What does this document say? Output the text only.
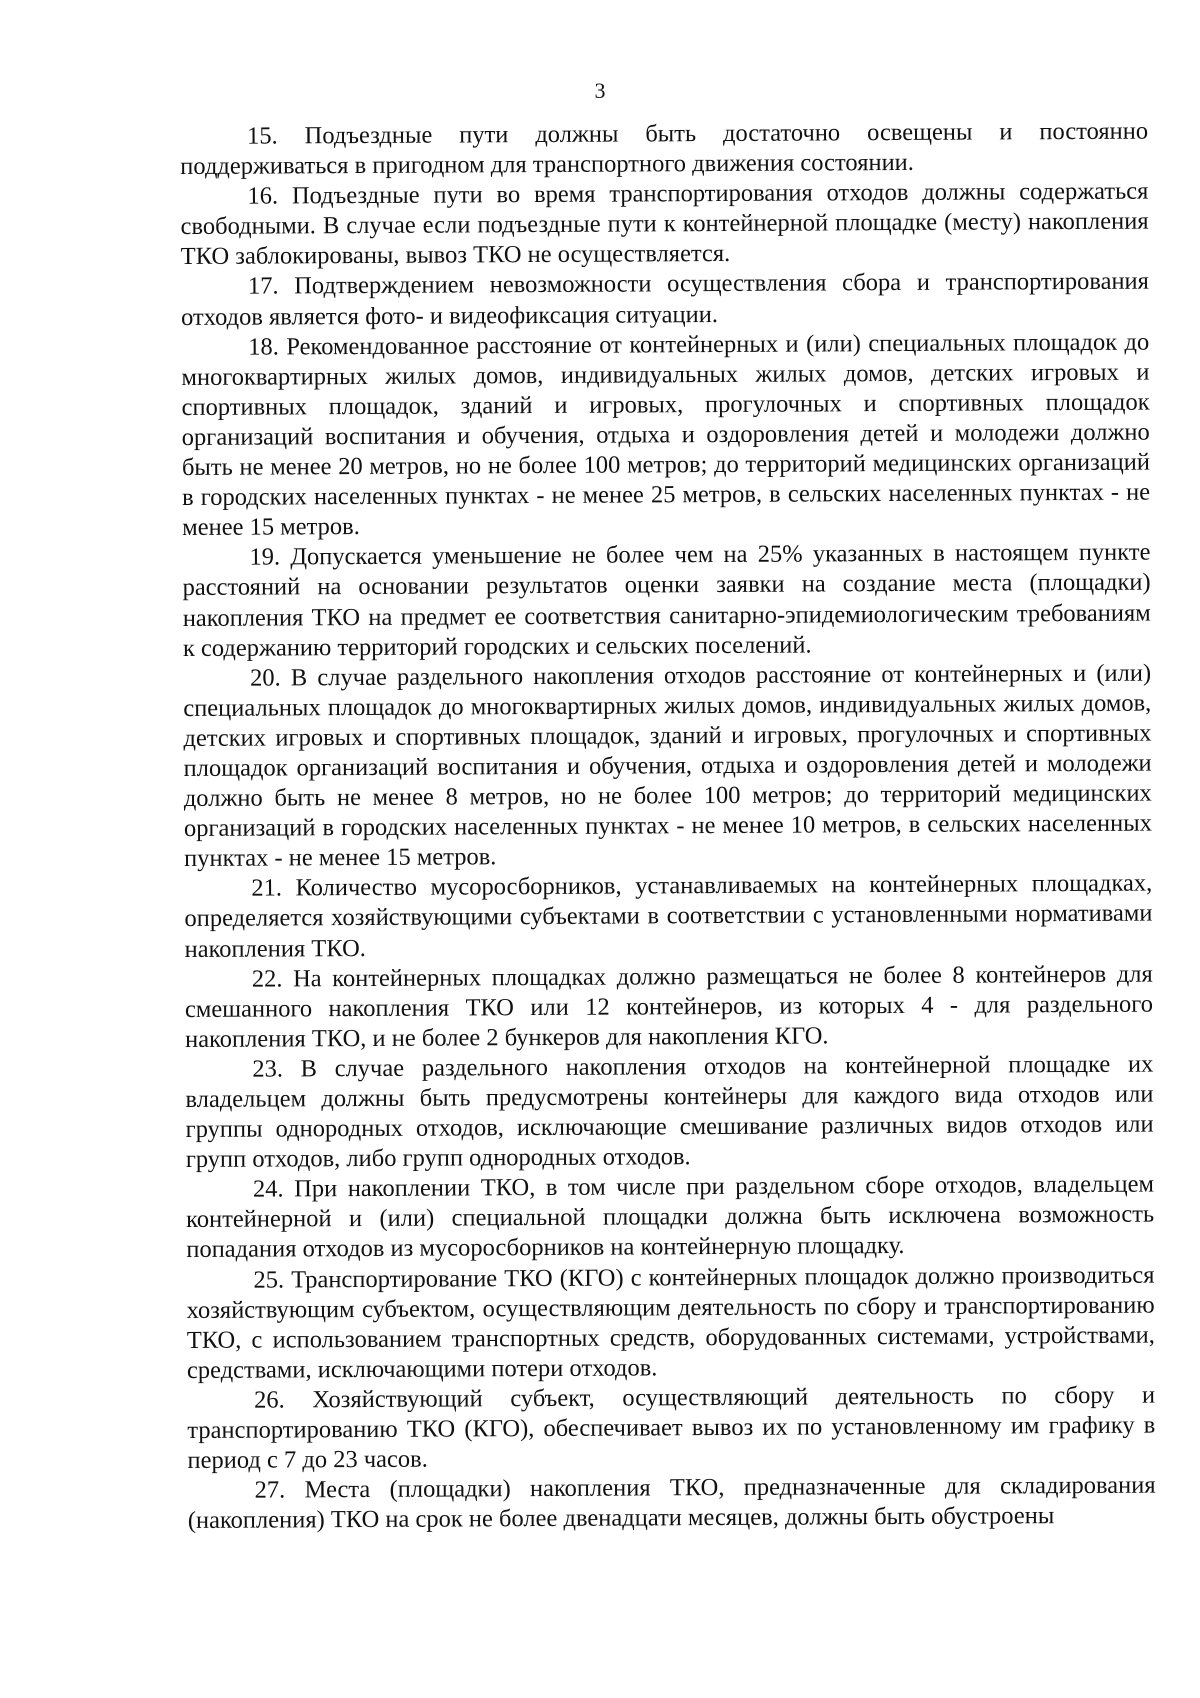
3

15. Подъездные пути должны быть достаточно освещены и постоянно поддерживаться в пригодном для транспортного движения состоянии.

16. Подъездные пути во время транспортирования отходов должны содержаться свободными. В случае если подъездные пути к контейнерной площадке (месту) накопления ТКО заблокированы, вывоз ТКО не осуществляется.

17. Подтверждением невозможности осуществления сбора и транспортирования отходов является фото- и видеофиксация ситуации.

18. Рекомендованное расстояние от контейнерных и (или) специальных площадок до многоквартирных жилых домов, индивидуальных жилых домов, детских игровых и спортивных площадок, зданий и игровых, прогулочных и спортивных площадок организаций воспитания и обучения, отдыха и оздоровления детей и молодежи должно быть не менее 20 метров, но не более 100 метров; до территорий медицинских организаций в городских населенных пунктах - не менее 25 метров, в сельских населенных пунктах - не менее 15 метров.

19. Допускается уменьшение не более чем на 25% указанных в настоящем пункте расстояний на основании результатов оценки заявки на создание места (площадки) накопления ТКО на предмет ее соответствия санитарно-эпидемиологическим требованиям к содержанию территорий городских и сельских поселений.

20. В случае раздельного накопления отходов расстояние от контейнерных и (или) специальных площадок до многоквартирных жилых домов, индивидуальных жилых домов, детских игровых и спортивных площадок, зданий и игровых, прогулочных и спортивных площадок организаций воспитания и обучения, отдыха и оздоровления детей и молодежи должно быть не менее 8 метров, но не более 100 метров; до территорий медицинских организаций в городских населенных пунктах - не менее 10 метров, в сельских населенных пунктах - не менее 15 метров.

21. Количество мусоросборников, устанавливаемых на контейнерных площадках, определяется хозяйствующими субъектами в соответствии с установленными нормативами накопления ТКО.

22. На контейнерных площадках должно размещаться не более 8 контейнеров для смешанного накопления ТКО или 12 контейнеров, из которых 4 - для раздельного накопления ТКО, и не более 2 бункеров для накопления КГО.

23. В случае раздельного накопления отходов на контейнерной площадке их владельцем должны быть предусмотрены контейнеры для каждого вида отходов или группы однородных отходов, исключающие смешивание различных видов отходов или групп отходов, либо групп однородных отходов.

24. При накоплении ТКО, в том числе при раздельном сборе отходов, владельцем контейнерной и (или) специальной площадки должна быть исключена возможность попадания отходов из мусоросборников на контейнерную площадку.

25. Транспортирование ТКО (КГО) с контейнерных площадок должно производиться хозяйствующим субъектом, осуществляющим деятельность по сбору и транспортированию ТКО, с использованием транспортных средств, оборудованных системами, устройствами, средствами, исключающими потери отходов.

26. Хозяйствующий субъект, осуществляющий деятельность по сбору и транспортированию ТКО (КГО), обеспечивает вывоз их по установленному им графику в период с 7 до 23 часов.

27. Места (площадки) накопления ТКО, предназначенные для складирования (накопления) ТКО на срок не более двенадцати месяцев, должны быть обустроены
